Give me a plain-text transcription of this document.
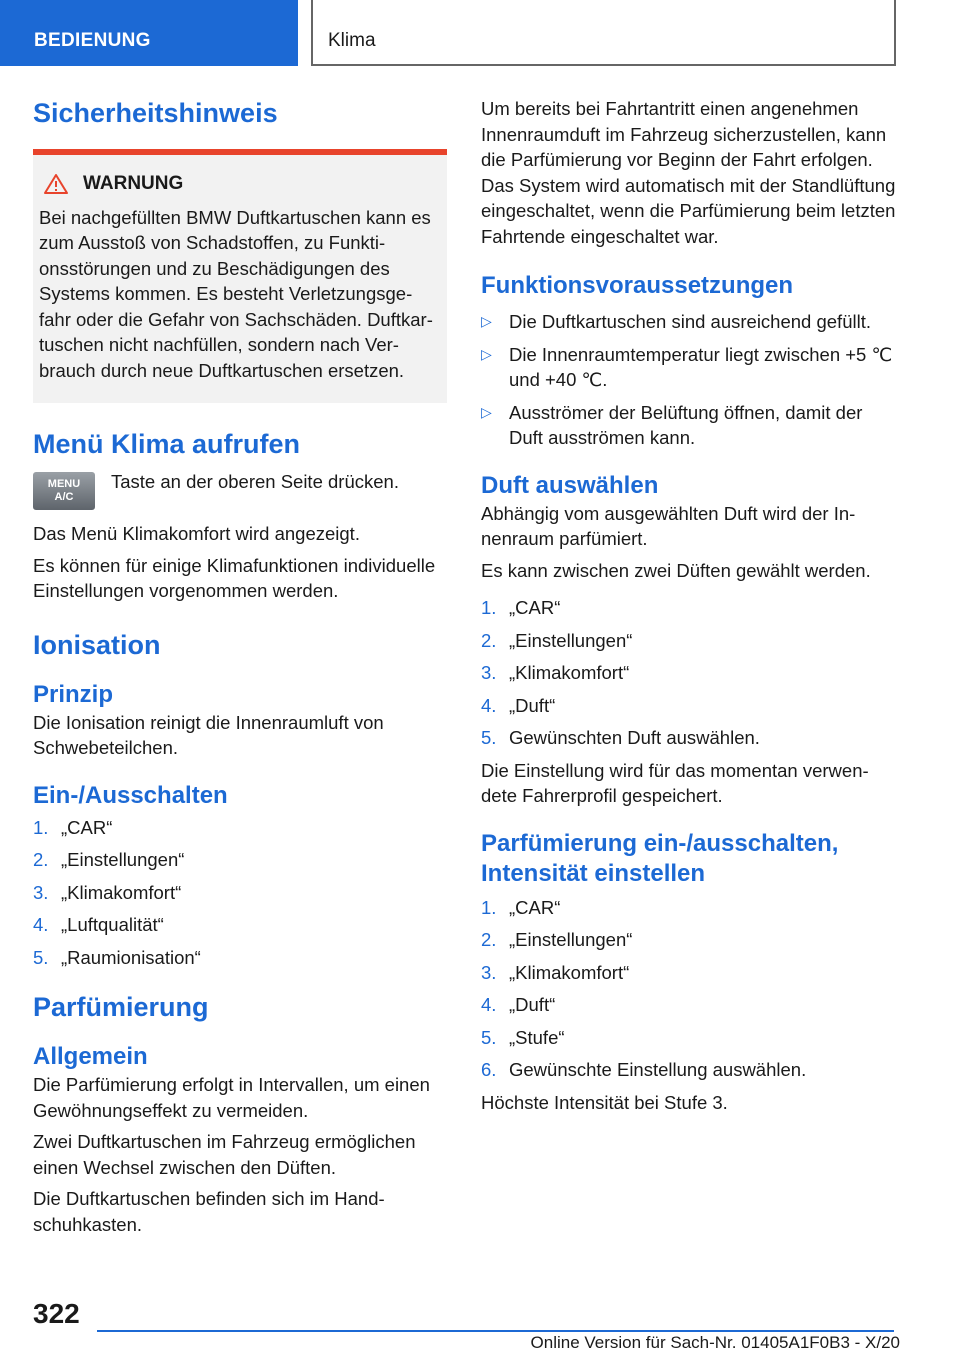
BEDIENUNG	Klima
Sicherheitshinweis
WARNUNG

Bei nachgefüllten BMW Duftkartuschen kann es zum Ausstoß von Schadstoffen, zu Funktionsstörungen und zu Beschädigungen des Systems kommen. Es besteht Verletzungsgefahr oder die Gefahr von Sachschäden. Duftkartuschen nicht nachfüllen, sondern nach Verbrauch durch neue Duftkartuschen ersetzen.

Menü Klima aufrufen
MENU
A/C

Taste an der oberen Seite drücken.

Das Menü Klimakomfort wird angezeigt.

Es können für einige Klimafunktionen individuelle Einstellungen vorgenommen werden.

Ionisation
Prinzip

Die Ionisation reinigt die Innenraumluft von Schwebeteilchen.

Ein-/Ausschalten
1. „CAR“
2. „Einstellungen“
3. „Klimakomfort“
4. „Luftqualität“
5. „Raumionisation“
Parfümierung
Allgemein

Die Parfümierung erfolgt in Intervallen, um einen Gewöhnungseffekt zu vermeiden.

Zwei Duftkartuschen im Fahrzeug ermöglichen einen Wechsel zwischen den Düften.

Die Duftkartuschen befinden sich im Handschuhkasten.

Um bereits bei Fahrtantritt einen angenehmen Innenraumduft im Fahrzeug sicherzustellen, kann die Parfümierung vor Beginn der Fahrt erfolgen. Das System wird automatisch mit der Standlüftung eingeschaltet, wenn die Parfümierung beim letzten Fahrtende eingeschaltet war.

Funktionsvoraussetzungen
▷ Die Duftkartuschen sind ausreichend gefüllt.
▷ Die Innenraumtemperatur liegt zwischen +5 ℃ und +40 ℃.
▷ Ausströmer der Belüftung öffnen, damit der Duft ausströmen kann.
Duft auswählen

Abhängig vom ausgewählten Duft wird der Innenraum parfümiert.

Es kann zwischen zwei Düften gewählt werden.

1. „CAR“
2. „Einstellungen“
3. „Klimakomfort“
4. „Duft“
5. Gewünschten Duft auswählen.

Die Einstellung wird für das momentan verwendete Fahrerprofil gespeichert.

Parfümierung ein-/ausschalten, Intensität einstellen
1. „CAR“
2. „Einstellungen“
3. „Klimakomfort“
4. „Duft“
5. „Stufe“
6. Gewünschte Einstellung auswählen.

Höchste Intensität bei Stufe 3.

322
Online Version für Sach-Nr. 01405A1F0B3 - X/20
